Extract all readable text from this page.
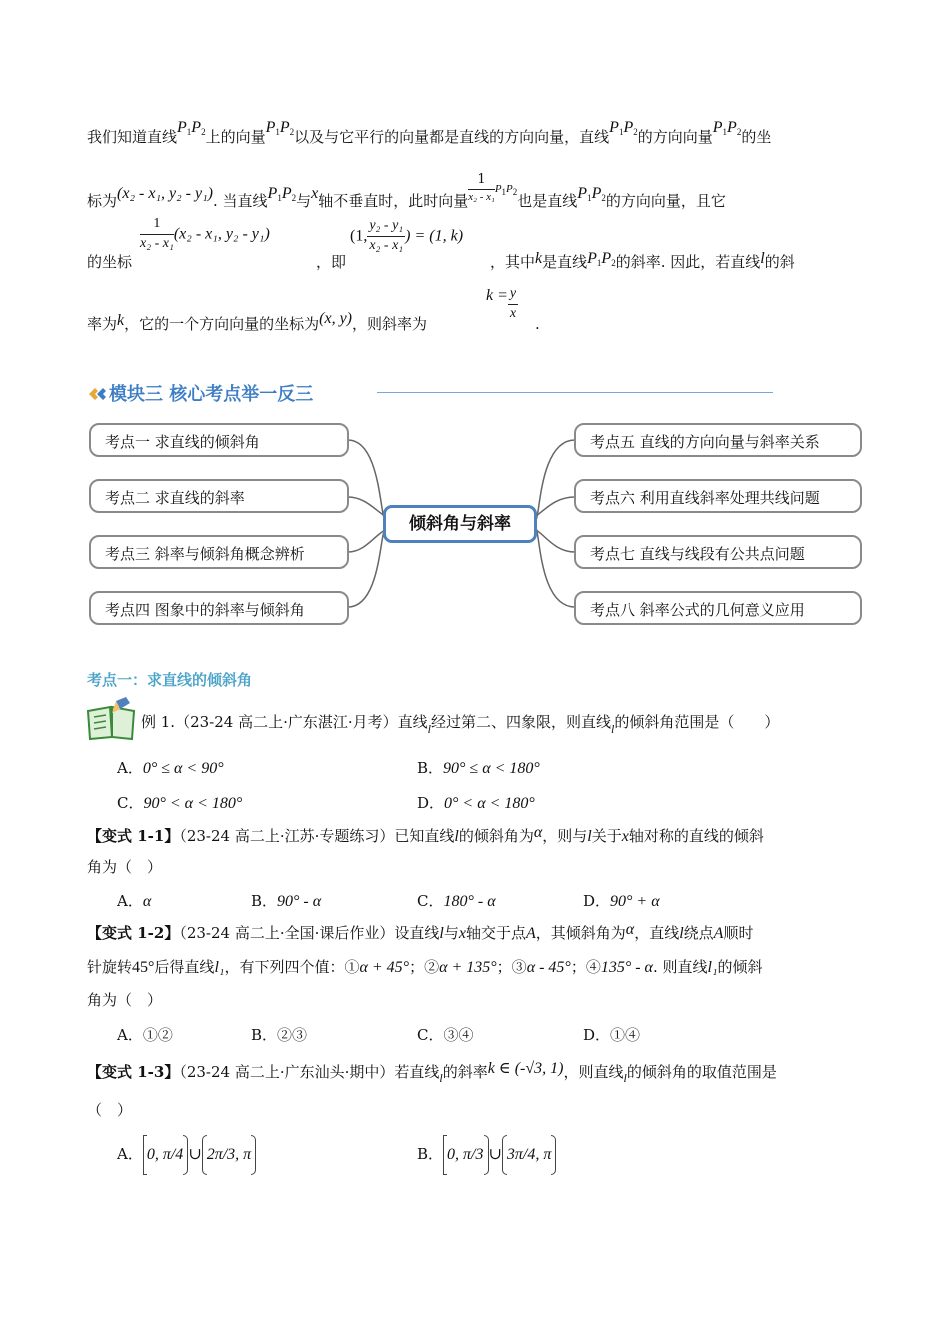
我们知道直线$P_1P_2$上的向量$P_1P_2$以及与它平行的向量都是直线的方向向量，直线$P_1P_2$的方向向量$P_1P_2$的坐
标为(x₂ - x₁, y₂ - y₁). 当直线$P_1P_2$与x轴不垂直时，此时向量 $\frac{1}{\text{x₂ - x₁}} ^{P_1P_2}$也是直线$P_1P_2$的方向向量，且它
的坐标
$\frac{1}{\text{x₂ - x₁}} (x_2 - x_1$, y₂ - y₁)
，即
(1, $\frac{\text{y₂ - y₁}}{\text{x₂ - x₁}}$ ) = (1, k)
，其中k是直线$P_1P_2$的斜率. 因此，若直线l的斜
率为k，它的一个方向向量的坐标为(x, y)，则斜率为
$k = \frac{y}{x}$
.
模块三 核心考点举一反三
考点一 求直线的倾斜角
考点二 求直线的斜率
考点三 斜率与倾斜角概念辨析
考点四 图象中的斜率与倾斜角
倾斜角与斜率
考点五 直线的方向向量与斜率关系
考点六 利用直线斜率处理共线问题
考点七 直线与线段有公共点问题
考点八 斜率公式的几何意义应用
考点一：求直线的倾斜角
例 1.（23-24 高二上·广东湛江·月考）直线$_l$经过第二、四象限，则直线$_l$的倾斜角范围是（　　）
A．0° ≤ α < 90°	B．90° ≤ α < 180°
C．90° < α < 180°	D．0° < α < 180°
【变式 1-1】（23-24 高二上·江苏·专题练习）已知直线l的倾斜角为α，则与l关于x轴对称的直线的倾斜
角为（　）
A．α	B．90° - α	C．180° - α	D．90° + α
【变式 1-2】（23-24 高二上·全国·课后作业）设直线l与x轴交于点A，其倾斜角为α，直线l绕点A顺时
针旋转45°后得直线l₁，有下列四个值：①α + 45°；②α + 135°；③α - 45°；④135° - α. 则直线l₁的倾斜
角为（　）
A．①②	B．②③	C．③④	D．①④
【变式 1-3】（23-24 高二上·广东汕头·期中）若直线$_l$的斜率k ∈ (-√3, 1)，则直线$_l$的倾斜角的取值范围是
（　）
A． 0, π/4 ∪ 2π/3, π	B． 0, π/3 ∪ 3π/4, π
